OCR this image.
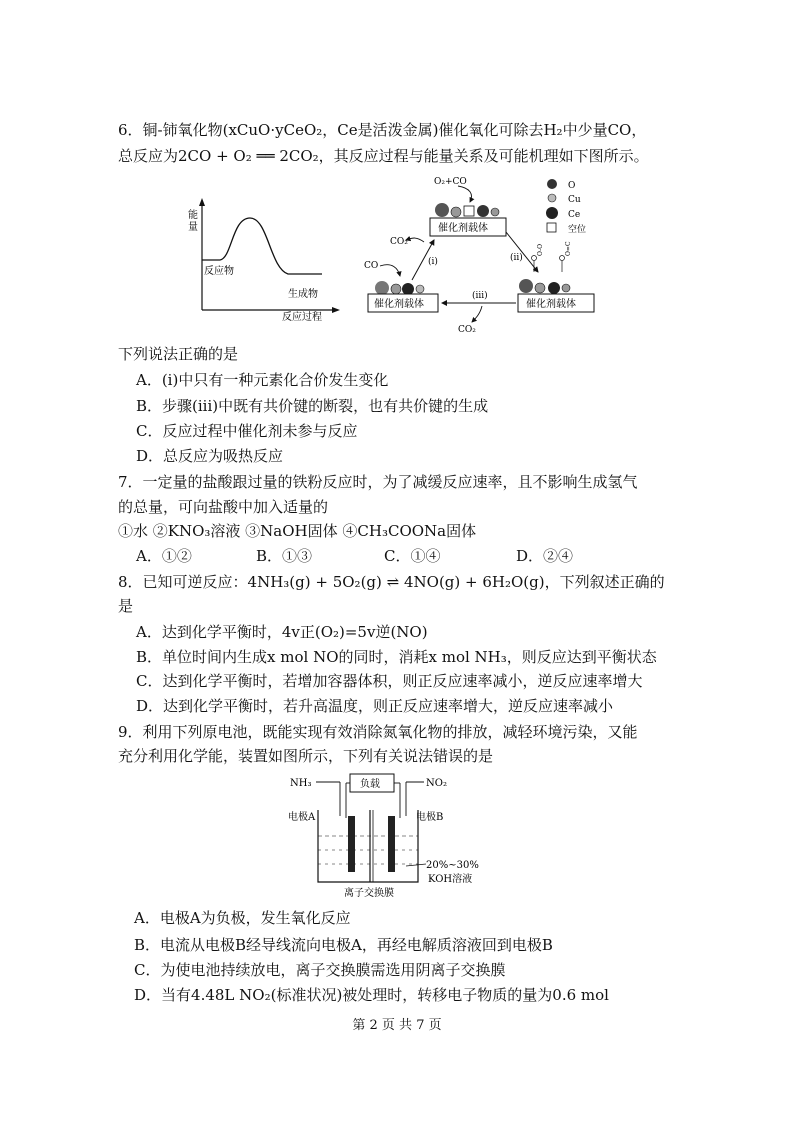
6．铜-铈氧化物(xCuO·yCeO₂，Ce是活泼金属)催化氧化可除去H₂中少量CO，
总反应为2CO + O₂ ══ 2CO₂，其反应过程与能量关系及可能机理如下图所示。
能
量
反应物
生成物
反应过程
O₂+CO
催化剂载体
O
Cu
Ce
空位
CO₂
(i)	(ii)
CO
催化剂载体
(iii)
CO₂
O-O	O=C
催化剂载体
下列说法正确的是
A．(i)中只有一种元素化合价发生变化
B．步骤(iii)中既有共价键的断裂，也有共价键的生成
C．反应过程中催化剂未参与反应
D．总反应为吸热反应
7．一定量的盐酸跟过量的铁粉反应时，为了减缓反应速率，且不影响生成氢气
的总量，可向盐酸中加入适量的
①水 ②KNO₃溶液 ③NaOH固体 ④CH₃COONa固体
A．①②	B．①③	C．①④	D．②④
8．已知可逆反应：4NH₃(g) + 5O₂(g) ⇌ 4NO(g) + 6H₂O(g)，下列叙述正确的
是
A．达到化学平衡时，4v正(O₂)=5v逆(NO)
B．单位时间内生成x mol NO的同时，消耗x mol NH₃，则反应达到平衡状态
C．达到化学平衡时，若增加容器体积，则正反应速率减小，逆反应速率增大
D．达到化学平衡时，若升高温度，则正反应速率增大，逆反应速率减小
9．利用下列原电池，既能实现有效消除氮氧化物的排放，减轻环境污染，又能
充分利用化学能，装置如图所示，下列有关说法错误的是
NH₃	负载	NO₂
电极A	电极B
20%~30%
KOH溶液
离子交换膜
A．电极A为负极，发生氧化反应
B．电流从电极B经导线流向电极A，再经电解质溶液回到电极B
C．为使电池持续放电，离子交换膜需选用阴离子交换膜
D．当有4.48L NO₂(标准状况)被处理时，转移电子物质的量为0.6 mol
第 2 页 共 7 页
